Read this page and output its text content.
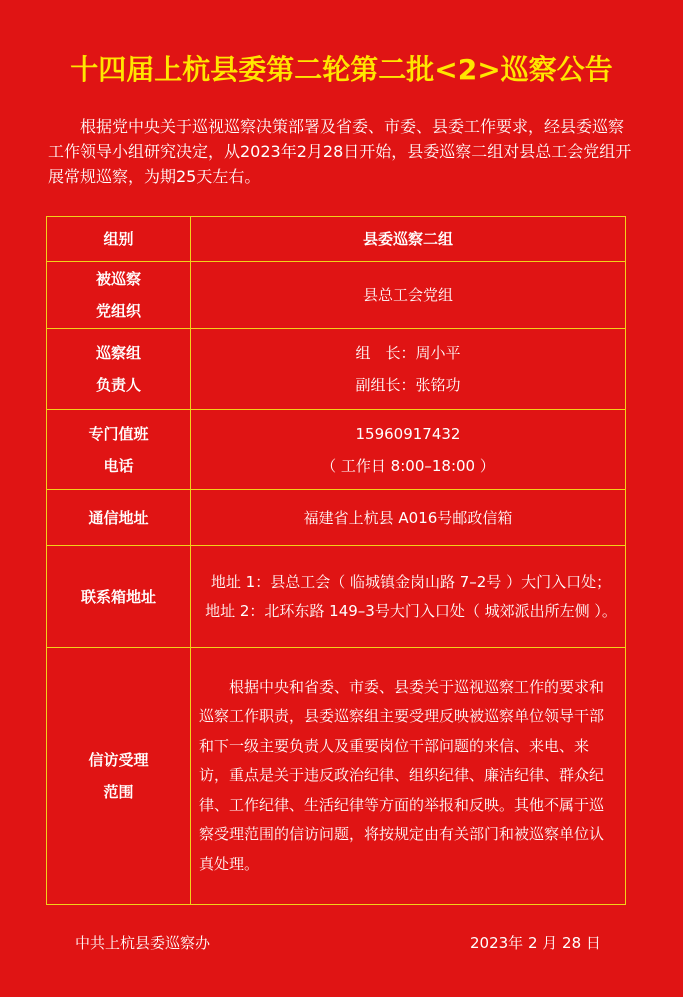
十四届上杭县委第二轮第二批<2>巡察公告
根据党中央关于巡视巡察决策部署及省委、市委、县委工作要求，经县委巡察工作领导小组研究决定，从2023年2月28日开始，县委巡察二组对县总工会党组开展常规巡察，为期25天左右。
组别	县委巡察二组

被巡察
党组织	县总工会党组

巡察组
负责人	组　长：周小平
副组长：张铭功

专门值班
电话	15960917432
（ 工作日 8:00–18:00 ）

通信地址	福建省上杭县 A016号邮政信箱
联系箱地址	地址 1：县总工会（ 临城镇金岗山路 7–2号 ）大门入口处；
地址 2：北环东路 149–3号大门入口处（ 城郊派出所左侧 ）。

信访受理
范围	根据中央和省委、市委、县委关于巡视巡察工作的要求和巡察工作职责，县委巡察组主要受理反映被巡察单位领导干部和下一级主要负责人及重要岗位干部问题的来信、来电、来访，重点是关于违反政治纪律、组织纪律、廉洁纪律、群众纪律、工作纪律、生活纪律等方面的举报和反映。其他不属于巡察受理范围的信访问题，将按规定由有关部门和被巡察单位认真处理。
中共上杭县委巡察办	2023年 2 月 28 日
